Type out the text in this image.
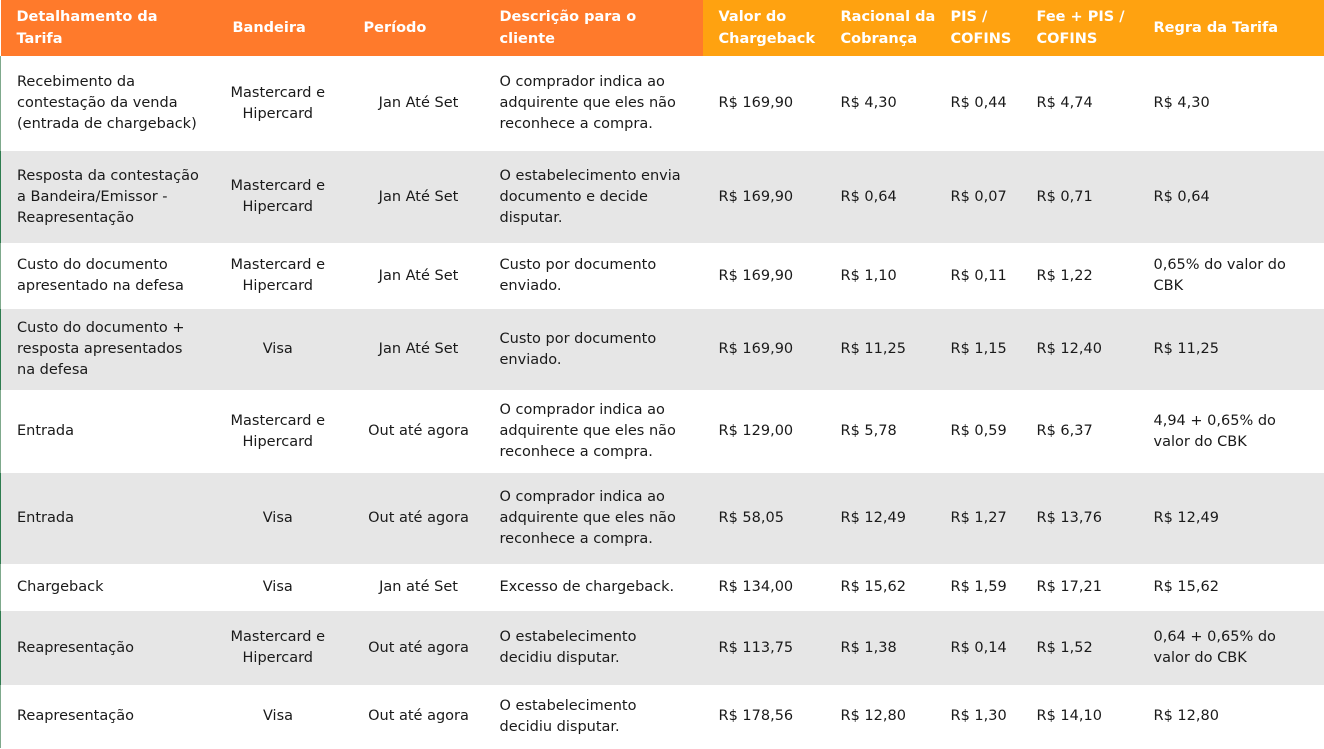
Detalhamento da Tarifa	Bandeira	Período	Descrição para o cliente	Valor do Chargeback	Racional da Cobrança	PIS / COFINS	Fee + PIS / COFINS	Regra da Tarifa
Recebimento da contestação da venda (entrada de chargeback)	Mastercard e Hipercard	Jan Até Set	O comprador indica ao adquirente que eles não reconhece a compra.	R$ 169,90	R$ 4,30	R$ 0,44	R$ 4,74	R$ 4,30
Resposta da contestação a Bandeira/Emissor - Reapresentação	Mastercard e Hipercard	Jan Até Set	O estabelecimento envia documento e decide disputar.	R$ 169,90	R$ 0,64	R$ 0,07	R$ 0,71	R$ 0,64
Custo do documento apresentado na defesa	Mastercard e Hipercard	Jan Até Set	Custo por documento enviado.	R$ 169,90	R$ 1,10	R$ 0,11	R$ 1,22	0,65% do valor do CBK
Custo do documento + resposta apresentados na defesa	Visa	Jan Até Set	Custo por documento enviado.	R$ 169,90	R$ 11,25	R$ 1,15	R$ 12,40	R$ 11,25
Entrada	Mastercard e Hipercard	Out até agora	O comprador indica ao adquirente que eles não reconhece a compra.	R$ 129,00	R$ 5,78	R$ 0,59	R$ 6,37	4,94 + 0,65% do valor do CBK
Entrada	Visa	Out até agora	O comprador indica ao adquirente que eles não reconhece a compra.	R$ 58,05	R$ 12,49	R$ 1,27	R$ 13,76	R$ 12,49
Chargeback	Visa	Jan até Set	Excesso de chargeback.	R$ 134,00	R$ 15,62	R$ 1,59	R$ 17,21	R$ 15,62
Reapresentação	Mastercard e Hipercard	Out até agora	O estabelecimento decidiu disputar.	R$ 113,75	R$ 1,38	R$ 0,14	R$ 1,52	0,64 + 0,65% do valor do CBK
Reapresentação	Visa	Out até agora	O estabelecimento decidiu disputar.	R$ 178,56	R$ 12,80	R$ 1,30	R$ 14,10	R$ 12,80
